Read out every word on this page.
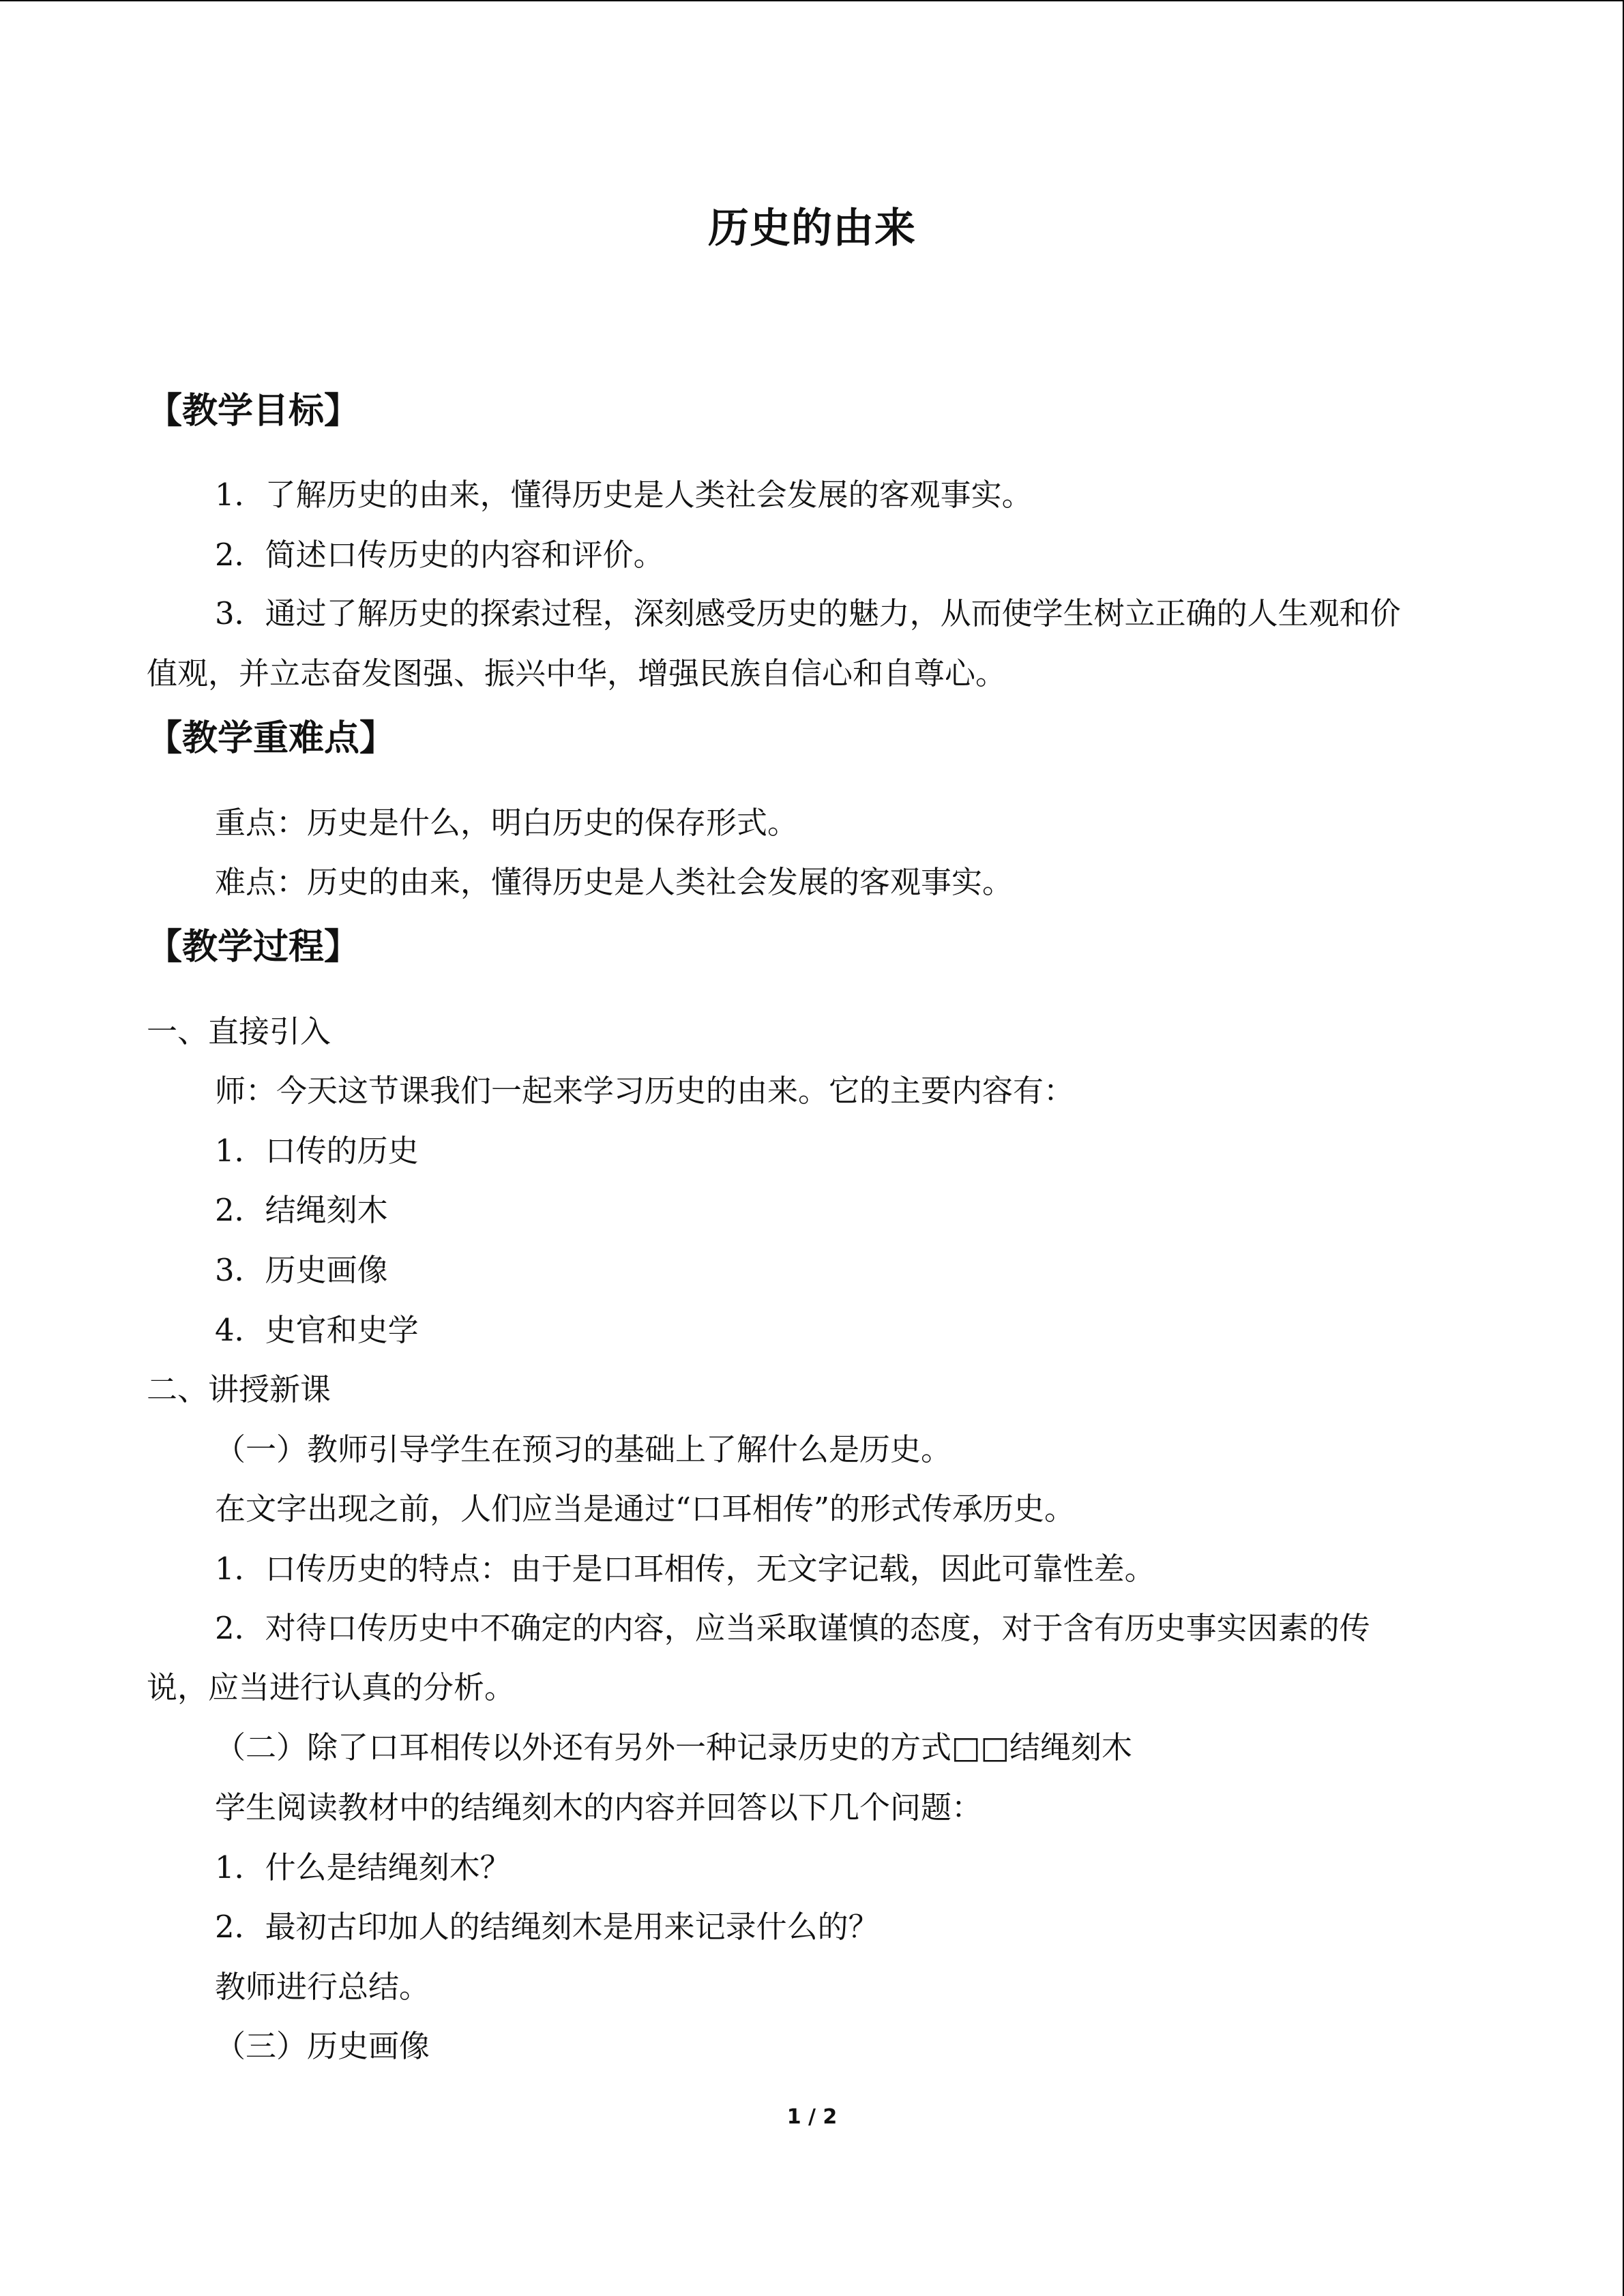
历史的由来
【教学目标】
1．了解历史的由来，懂得历史是人类社会发展的客观事实。
2．简述口传历史的内容和评价。
3．通过了解历史的探索过程，深刻感受历史的魅力，从而使学生树立正确的人生观和价
值观，并立志奋发图强、振兴中华，增强民族自信心和自尊心。
【教学重难点】
重点：历史是什么，明白历史的保存形式。
难点：历史的由来，懂得历史是人类社会发展的客观事实。
【教学过程】
一、直接引入
师：今天这节课我们一起来学习历史的由来。它的主要内容有：
1．口传的历史
2．结绳刻木
3．历史画像
4．史官和史学
二、讲授新课
（一）教师引导学生在预习的基础上了解什么是历史。
在文字出现之前，人们应当是通过“口耳相传”的形式传承历史。
1．口传历史的特点：由于是口耳相传，无文字记载，因此可靠性差。
2．对待口传历史中不确定的内容，应当采取谨慎的态度，对于含有历史事实因素的传
说，应当进行认真的分析。
（二）除了口耳相传以外还有另外一种记录历史的方式□□结绳刻木
学生阅读教材中的结绳刻木的内容并回答以下几个问题：
1．什么是结绳刻木？
2．最初古印加人的结绳刻木是用来记录什么的？
教师进行总结。
（三）历史画像
1 / 2
